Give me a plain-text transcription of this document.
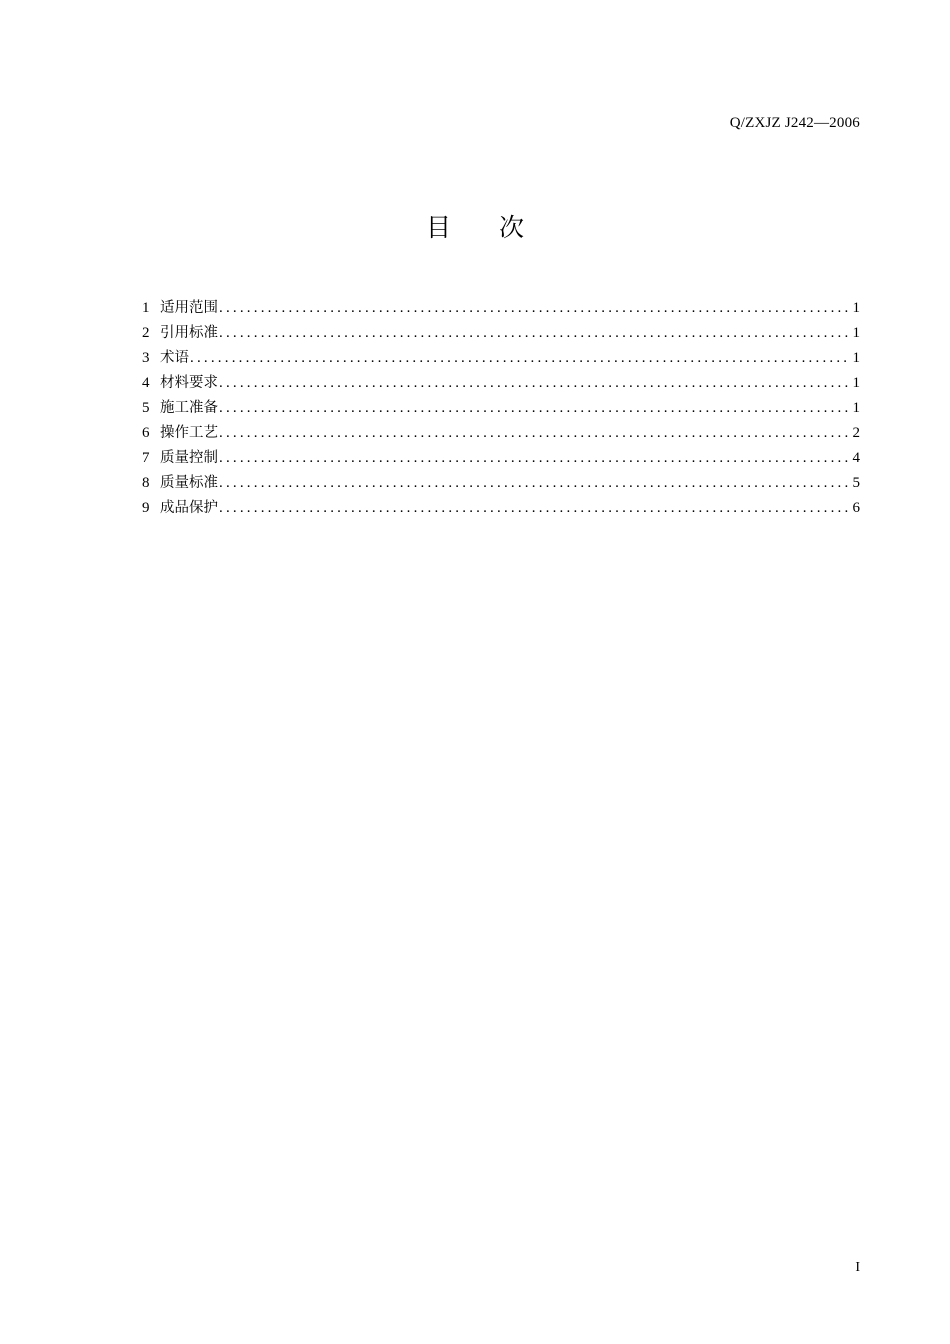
Q/ZXJZ J242—2006
目 次
1 适用范围 .....	1
2 引用标准 .....	1
3 术语 .....	1
4 材料要求 .....	1
5 施工准备 .....	1
6 操作工艺 .....	2
7 质量控制 .....	4
8 质量标准 .....	5
9 成品保护 .....	6
I
